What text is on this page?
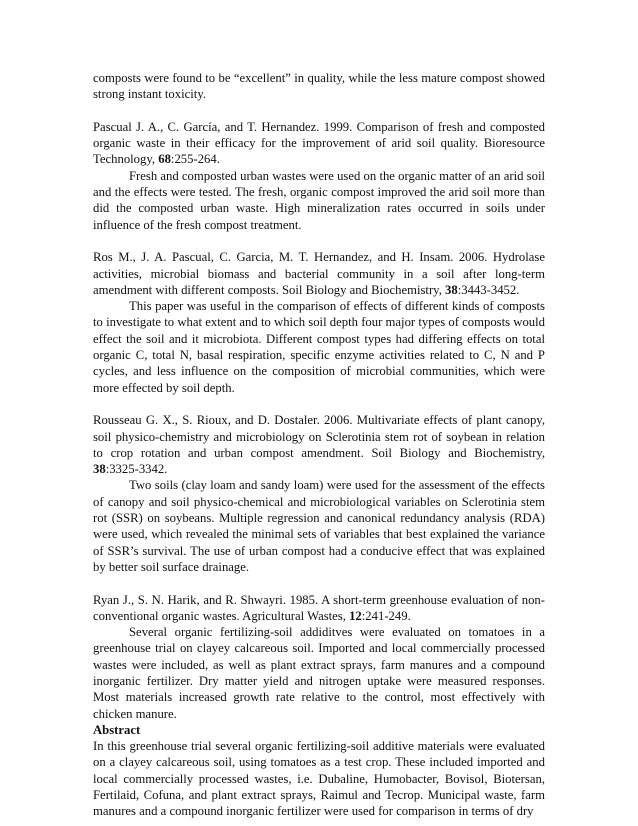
composts were found to be “excellent” in quality, while the less mature compost showed strong instant toxicity.

Pascual J. A., C. García, and T. Hernandez. 1999. Comparison of fresh and composted organic waste in their efficacy for the improvement of arid soil quality. Bioresource Technology, 68:255-264.

Fresh and composted urban wastes were used on the organic matter of an arid soil and the effects were tested. The fresh, organic compost improved the arid soil more than did the composted urban waste. High mineralization rates occurred in soils under influence of the fresh compost treatment.

Ros M., J. A. Pascual, C. Garcia, M. T. Hernandez, and H. Insam. 2006. Hydrolase activities, microbial biomass and bacterial community in a soil after long-term amendment with different composts. Soil Biology and Biochemistry, 38:3443-3452.

This paper was useful in the comparison of effects of different kinds of composts to investigate to what extent and to which soil depth four major types of composts would effect the soil and it microbiota. Different compost types had differing effects on total organic C, total N, basal respiration, specific enzyme activities related to C, N and P cycles, and less influence on the composition of microbial communities, which were more effected by soil depth.

Rousseau G. X., S. Rioux, and D. Dostaler. 2006. Multivariate effects of plant canopy, soil physico-chemistry and microbiology on Sclerotinia stem rot of soybean in relation to crop rotation and urban compost amendment. Soil Biology and Biochemistry, 38:3325-3342.

Two soils (clay loam and sandy loam) were used for the assessment of the effects of canopy and soil physico-chemical and microbiological variables on Sclerotinia stem rot (SSR) on soybeans. Multiple regression and canonical redundancy analysis (RDA) were used, which revealed the minimal sets of variables that best explained the variance of SSR’s survival. The use of urban compost had a conducive effect that was explained by better soil surface drainage.

Ryan J., S. N. Harik, and R. Shwayri. 1985. A short-term greenhouse evaluation of non-conventional organic wastes. Agricultural Wastes, 12:241-249.

Several organic fertilizing-soil addiditves were evaluated on tomatoes in a greenhouse trial on clayey calcareous soil. Imported and local commercially processed wastes were included, as well as plant extract sprays, farm manures and a compound inorganic fertilizer. Dry matter yield and nitrogen uptake were measured responses. Most materials increased growth rate relative to the control, most effectively with chicken manure.

Abstract

In this greenhouse trial several organic fertilizing-soil additive materials were evaluated on a clayey calcareous soil, using tomatoes as a test crop. These included imported and local commercially processed wastes, i.e. Dubaline, Humobacter, Bovisol, Biotersan, Fertilaid, Cofuna, and plant extract sprays, Raimul and Tecrop. Municipal waste, farm manures and a compound inorganic fertilizer were used for comparison in terms of dry
